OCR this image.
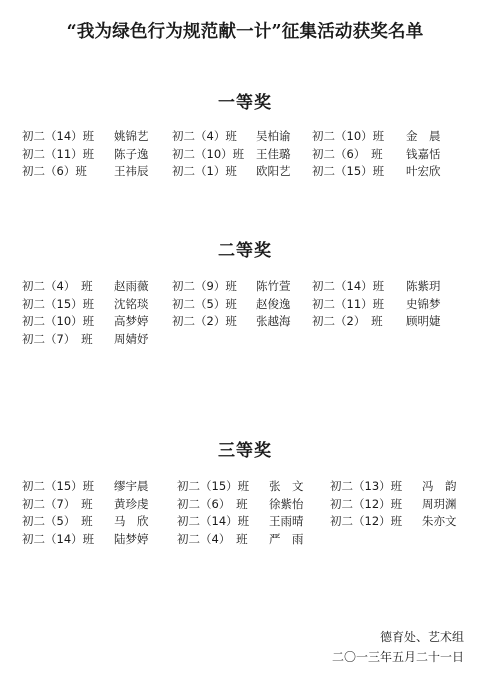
“我为绿色行为规范献一计”征集活动获奖名单
一等奖
初二（14）班 姚锦艺 初二（4）班 吴柏谕 初二（10）班 金　晨
初二（11）班 陈子逸 初二（10）班 王佳璐 初二（6）　班 钱嘉恬
初二（6）班 王祎辰 初二（1）班 欧阳艺 初二（15）班 叶宏欣
二等奖
初二（4）　班 赵雨薇 初二（9）班 陈竹萱 初二（14）班 陈紫玥
初二（15）班 沈铭琰 初二（5）班 赵俊逸 初二（11）班 史锦梦
初二（10）班 高梦婷 初二（2）班 张越海 初二（2）　班 顾明婕
初二（7）　班 周婧妤
三等奖
初二（15）班 缪宇晨 初二（15）班 张　文 初二（13）班 冯　韵
初二（7）　班 黄珍虔 初二（6）　班 徐紫怡 初二（12）班 周玥渊
初二（5）　班 马　欣 初二（14）班 王雨晴 初二（12）班 朱亦文
初二（14）班 陆梦婷 初二（4）　班 严　雨
德育处、艺术组
二〇一三年五月二十一日
